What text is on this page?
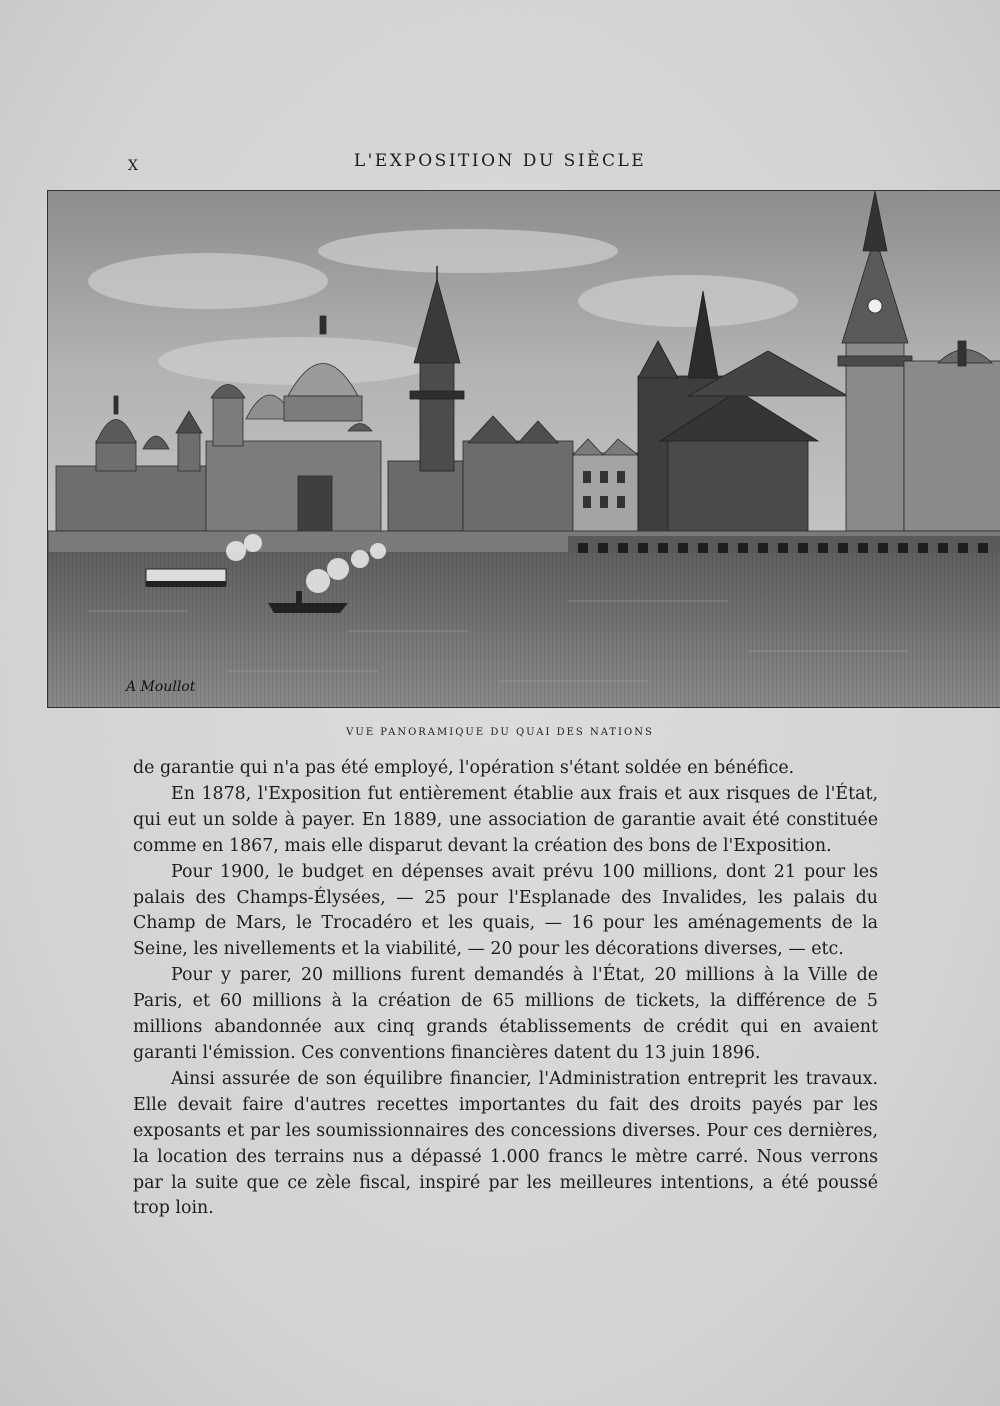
X	L'EXPOSITION DU SIÈCLE
A Moullot
VUE PANORAMIQUE DU QUAI DES NATIONS

de garantie qui n'a pas été employé, l'opération s'étant soldée en bénéfice.

En 1878, l'Exposition fut entièrement établie aux frais et aux risques de l'État, qui eut un solde à payer. En 1889, une association de garantie avait été constituée comme en 1867, mais elle disparut devant la création des bons de l'Exposition.

Pour 1900, le budget en dépenses avait prévu 100 millions, dont 21 pour les palais des Champs-Élysées, — 25 pour l'Esplanade des Invalides, les palais du Champ de Mars, le Trocadéro et les quais, — 16 pour les aménagements de la Seine, les nivellements et la viabilité, — 20 pour les décorations diverses, — etc.

Pour y parer, 20 millions furent demandés à l'État, 20 millions à la Ville de Paris, et 60 millions à la création de 65 millions de tickets, la différence de 5 millions abandonnée aux cinq grands établissements de crédit qui en avaient garanti l'émission. Ces conventions financières datent du 13 juin 1896.

Ainsi assurée de son équilibre financier, l'Administration entreprit les travaux. Elle devait faire d'autres recettes importantes du fait des droits payés par les exposants et par les soumissionnaires des concessions diverses. Pour ces dernières, la location des terrains nus a dépassé 1.000 francs le mètre carré. Nous verrons par la suite que ce zèle fiscal, inspiré par les meilleures intentions, a été poussé trop loin.
